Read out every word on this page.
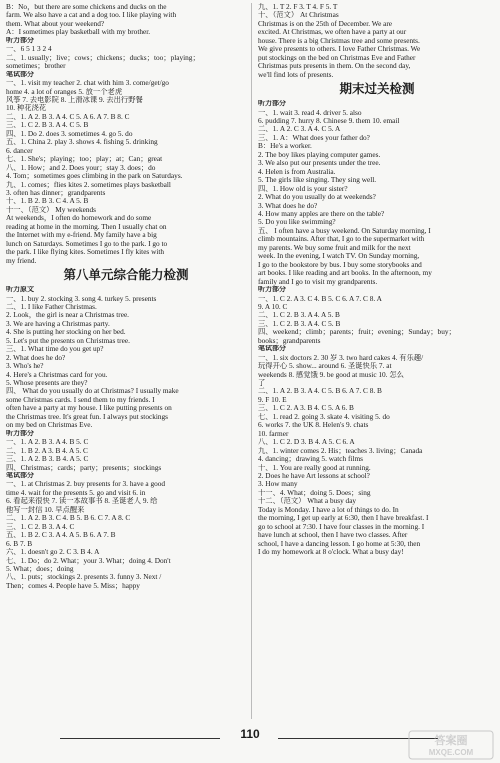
B：No，but there are some chickens and ducks on the
farm. We also have a cat and a dog too. I like playing with
them. What about your weekend?
A：I sometimes play basketball with my brother.
听力部分
一、6 5 1 3 2 4
二、1. usually；live；cows；chickens；ducks；too；playing；
sometimes；brother
笔试部分
一、1. visit my teacher 2. chat with him 3. come/get/go
home 4. a lot of oranges 5. 放一个老虎
风筝 7. 去电影院 8. 上滑冰课 9. 去出行野餐
10. 种花浇花
二、1. A 2. B 3. A 4. C 5. A 6. A 7. B 8. C
三、1. C 2. B 3. A 4. C 5. B
四、1. Do 2. does 3. sometimes 4. go 5. do
五、1. China 2. play 3. shows 4. fishing 5. drinking
6. dancer
七、1. She's；playing；too；play；at；Can；great
八、1. How；and 2. Does your；stay 3. does；do
4. Tom；sometimes goes climbing in the park on Saturdays.
九、1. comes；flies kites 2. sometimes plays basketball
3. often has dinner；grandparents
十、1. B 2. B 3. C 4. A 5. B
十一、（范文） My weekends
At weekends，I often do homework and do some
reading at home in the morning. Then I usually chat on
the Internet with my e-friend. My family have a big
lunch on Saturdays. Sometimes I go to the park. I go to
the park. I like flying kites. Sometimes I fly kites with
my friend.
第八单元综合能力检测
听力原文
一、1. buy 2. stocking 3. song 4. turkey 5. presents
二、1. I like Father Christmas.
2. Look，the girl is near a Christmas tree.
3. We are having a Christmas party.
4. She is putting her stocking on her bed.
5. Let's put the presents on Christmas tree.
三、1. What time do you get up?
2. What does he do?
3. Who's he?
4. Here's a Christmas card for you.
5. Whose presents are they?
四、 What do you usually do at Christmas? I usually make
some Christmas cards. I send them to my friends. I
often have a party at my house. I like putting presents on
the Christmas tree. It's great fun. I always put stockings
on my bed on Christmas Eve.
听力部分
一、1. A 2. B 3. A 4. B 5. C
二、1. B 2. A 3. B 4. A 5. C
三、1. A 2. B 3. B 4. A 5. C
四、Christmas；cards；party；presents；stockings
笔试部分
一、1. at Christmas 2. buy presents for 3. have a good
time 4. wait for the presents 5. go and visit 6. in
6. 看起来很快 7. 读一本故事书 8. 圣诞老人 9. 给
他写一封信 10. 早点醒来
二、1. A 2. B 3. C 4. B 5. B 6. C 7. A 8. C
三、1. C 2. B 3. A 4. C
五、1. B 2. C 3. A 4. A 5. B 6. A 7. B
6. B 7. B
六、1. doesn't go 2. C 3. B 4. A
七、1. Do；do 2. What；your 3. What；doing 4. Don't
5. What；does；doing
八、1. puts；stockings 2. presents 3. funny 3. Next /
Then；comes 4. People have 5. Miss；happy
九、1. T 2. F 3. T 4. F 5. T
十、（范文） At Christmas
Christmas is on the 25th of December. We are
excited. At Christmas, we often have a party at our
house. There is a big Christmas tree and some presents.
We give presents to others. I love Father Christmas. We
put stockings on the bed on Christmas Eve and Father
Christmas puts presents in them. On the second day,
we'll find lots of presents.
期末过关检测
听力部分
一、1. wait 3. read 4. driver 5. also
6. pudding 7. hurry 8. Chinese 9. them 10. email
二、1. A 2. C 3. A 4. C 5. A
三、1. A：What does your father do?
B：He's a worker.
2. The boy likes playing computer games.
3. We also put our presents under the tree.
4. Helen is from Australia.
5. The girls like singing. They sing well.
四、1. How old is your sister?
2. What do you usually do at weekends?
3. What does he do?
4. How many apples are there on the table?
5. Do you like swimming?
五、 I often have a busy weekend. On Saturday morning, I
climb mountains. After that, I go to the supermarket with
my parents. We buy some fruit and milk for the next
week. In the evening, I watch TV. On Sunday morning,
I go to the bookstore by bus. I buy some storybooks and
art books. I like reading and art books. In the afternoon, my
family and I go to visit my grandparents.
听力部分
一、1. C 2. A 3. C 4. B 5. C 6. A 7. C 8. A
9. A 10. C
二、1. C 2. B 3. A 4. A 5. B
三、1. C 2. B 3. A 4. C 5. B
四、weekend；climb；parents；fruit；evening；Sunday；buy；
books；grandparents
笔试部分
一、1. six doctors 2. 30 岁 3. two hard cakes 4. 有乐趣/
玩得开心 5. show... around 6. 圣诞快乐 7. at
weekends 8. 感觉饿 9. be good at music 10. 怎么
了
二、1. A 2. B 3. A 4. C 5. B 6. A 7. C 8. B
9. F 10. E
三、1. C 2. A 3. B 4. C 5. A 6. B
七、1. read 2. going 3. skate 4. visiting 5. do
6. works 7. the UK 8. Helen's 9. chats
10. farmer
八、1. C 2. D 3. B 4. A 5. C 6. A
九、1. winter comes 2. His；teaches 3. living；Canada
4. dancing；drawing 5. watch films
十、1. You are really good at running.
2. Does he have Art lessons at school?
3. How many
十一、4. What；doing 5. Does；sing
十二、（范文） What a busy day
Today is Monday. I have a lot of things to do. In
the morning, I get up early at 6:30, then I have breakfast. I
go to school at 7:30. I have four classes in the morning. I
have lunch at school, then I have two classes. After
school, I have a dancing lesson. I go home at 5:30, then
I do my homework at 8 o'clock. What a busy day!
110	答案圈
MXQE.COM
